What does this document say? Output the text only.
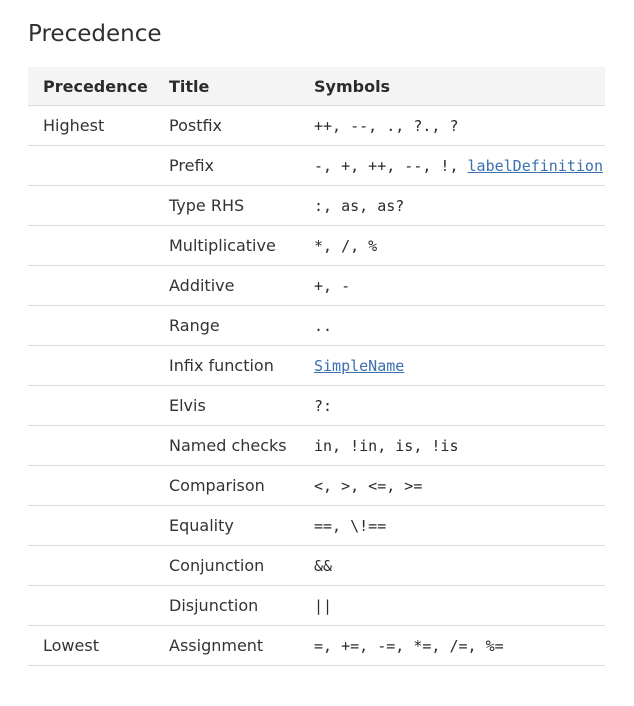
Precedence
Precedence	Title	Symbols
Highest	Postfix	++, --, ., ?., ?
	Prefix	-, +, ++, --, !, labelDefinition
	Type RHS	:, as, as?
	Multiplicative	*, /, %
	Additive	+, -
	Range	..
	Infix function	SimpleName
	Elvis	?:
	Named checks	in, !in, is, !is
	Comparison	<, >, <=, >=
	Equality	==, \!==
	Conjunction	&&
	Disjunction	||
Lowest	Assignment	=, +=, -=, *=, /=, %=
